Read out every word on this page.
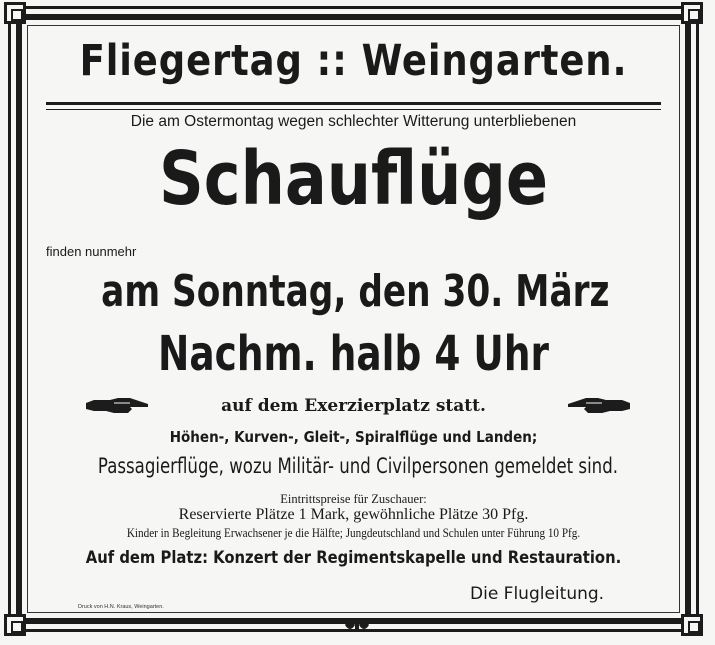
Fliegertag :: Weingarten.
Die am Ostermontag wegen schlechter Witterung unterbliebenen
Schauflüge
finden nunmehr
am Sonntag, den 30. März
Nachm. halb 4 Uhr
auf dem Exerzierplatz statt.
Höhen-, Kurven-, Gleit-, Spiralflüge und Landen;
Passagierflüge, wozu Militär- und Civilpersonen gemeldet sind.
Eintrittspreise für Zuschauer:
Reservierte Plätze 1 Mark, gewöhnliche Plätze 30 Pfg.
Kinder in Begleitung Erwachsener je die Hälfte; Jungdeutschland und Schulen unter Führung 10 Pfg.
Auf dem Platz: Konzert der Regimentskapelle und Restauration.
Die Flugleitung.
Druck von H.N. Kraus, Weingarten.
